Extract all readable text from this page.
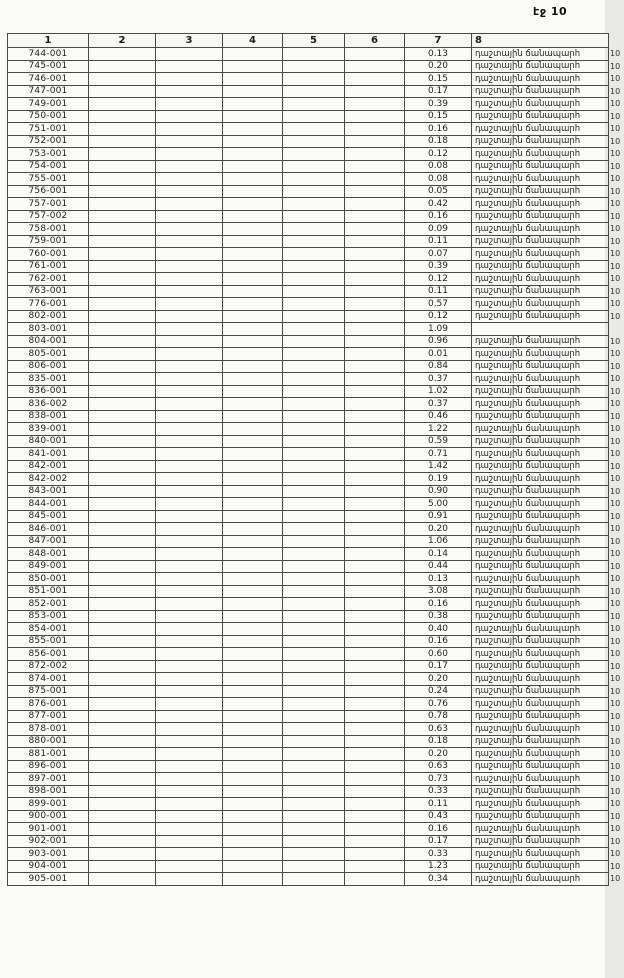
էջ 10
1	2	3	4	5	6	7	8	
744-001						0.13	դաշտային ճանապարհ	10
745-001						0.20	դաշտային ճանապարհ	10
746-001						0.15	դաշտային ճանապարհ	10
747-001						0.17	դաշտային ճանապարհ	10
749-001						0.39	դաշտային ճանապարհ	10
750-001						0.15	դաշտային ճանապարհ	10
751-001						0.16	դաշտային ճանապարհ	10
752-001						0.18	դաշտային ճանապարհ	10
753-001						0.12	դաշտային ճանապարհ	10
754-001						0.08	դաշտային ճանապարհ	10
755-001						0.08	դաշտային ճանապարհ	10
756-001						0.05	դաշտային ճանապարհ	10
757-001						0.42	դաշտային ճանապարհ	10
757-002						0.16	դաշտային ճանապարհ	10
758-001						0.09	դաշտային ճանապարհ	10
759-001						0.11	դաշտային ճանապարհ	10
760-001						0.07	դաշտային ճանապարհ	10
761-001						0.39	դաշտային ճանապարհ	10
762-001						0.12	դաշտային ճանապարհ	10
763-001						0.11	դաշտային ճանապարհ	10
776-001						0.57	դաշտային ճանապարհ	10
802-001						0.12	դաշտային ճանապարհ	10
803-001						1.09		
804-001						0.96	դաշտային ճանապարհ	10
805-001						0.01	դաշտային ճանապարհ	10
806-001						0.84	դաշտային ճանապարհ	10
835-001						0.37	դաշտային ճանապարհ	10
836-001						1.02	դաշտային ճանապարհ	10
836-002						0.37	դաշտային ճանապարհ	10
838-001						0.46	դաշտային ճանապարհ	10
839-001						1.22	դաշտային ճանապարհ	10
840-001						0.59	դաշտային ճանապարհ	10
841-001						0.71	դաշտային ճանապարհ	10
842-001						1.42	դաշտային ճանապարհ	10
842-002						0.19	դաշտային ճանապարհ	10
843-001						0.90	դաշտային ճանապարհ	10
844-001						5.00	դաշտային ճանապարհ	10
845-001						0.91	դաշտային ճանապարհ	10
846-001						0.20	դաշտային ճանապարհ	10
847-001						1.06	դաշտային ճանապարհ	10
848-001						0.14	դաշտային ճանապարհ	10
849-001						0.44	դաշտային ճանապարհ	10
850-001						0.13	դաշտային ճանապարհ	10
851-001						3.08	դաշտային ճանապարհ	10
852-001						0.16	դաշտային ճանապարհ	10
853-001						0.38	դաշտային ճանապարհ	10
854-001						0.40	դաշտային ճանապարհ	10
855-001						0.16	դաշտային ճանապարհ	10
856-001						0.60	դաշտային ճանապարհ	10
872-002						0.17	դաշտային ճանապարհ	10
874-001						0.20	դաշտային ճանապարհ	10
875-001						0.24	դաշտային ճանապարհ	10
876-001						0.76	դաշտային ճանապարհ	10
877-001						0.78	դաշտային ճանապարհ	10
878-001						0.63	դաշտային ճանապարհ	10
880-001						0.18	դաշտային ճանապարհ	10
881-001						0.20	դաշտային ճանապարհ	10
896-001						0.63	դաշտային ճանապարհ	10
897-001						0.73	դաշտային ճանապարհ	10
898-001						0.33	դաշտային ճանապարհ	10
899-001						0.11	դաշտային ճանապարհ	10
900-001						0.43	դաշտային ճանապարհ	10
901-001						0.16	դաշտային ճանապարհ	10
902-001						0.17	դաշտային ճանապարհ	10
903-001						0.33	դաշտային ճանապարհ	10
904-001						1.23	դաշտային ճանապարհ	10
905-001						0.34	դաշտային ճանապարհ	10
